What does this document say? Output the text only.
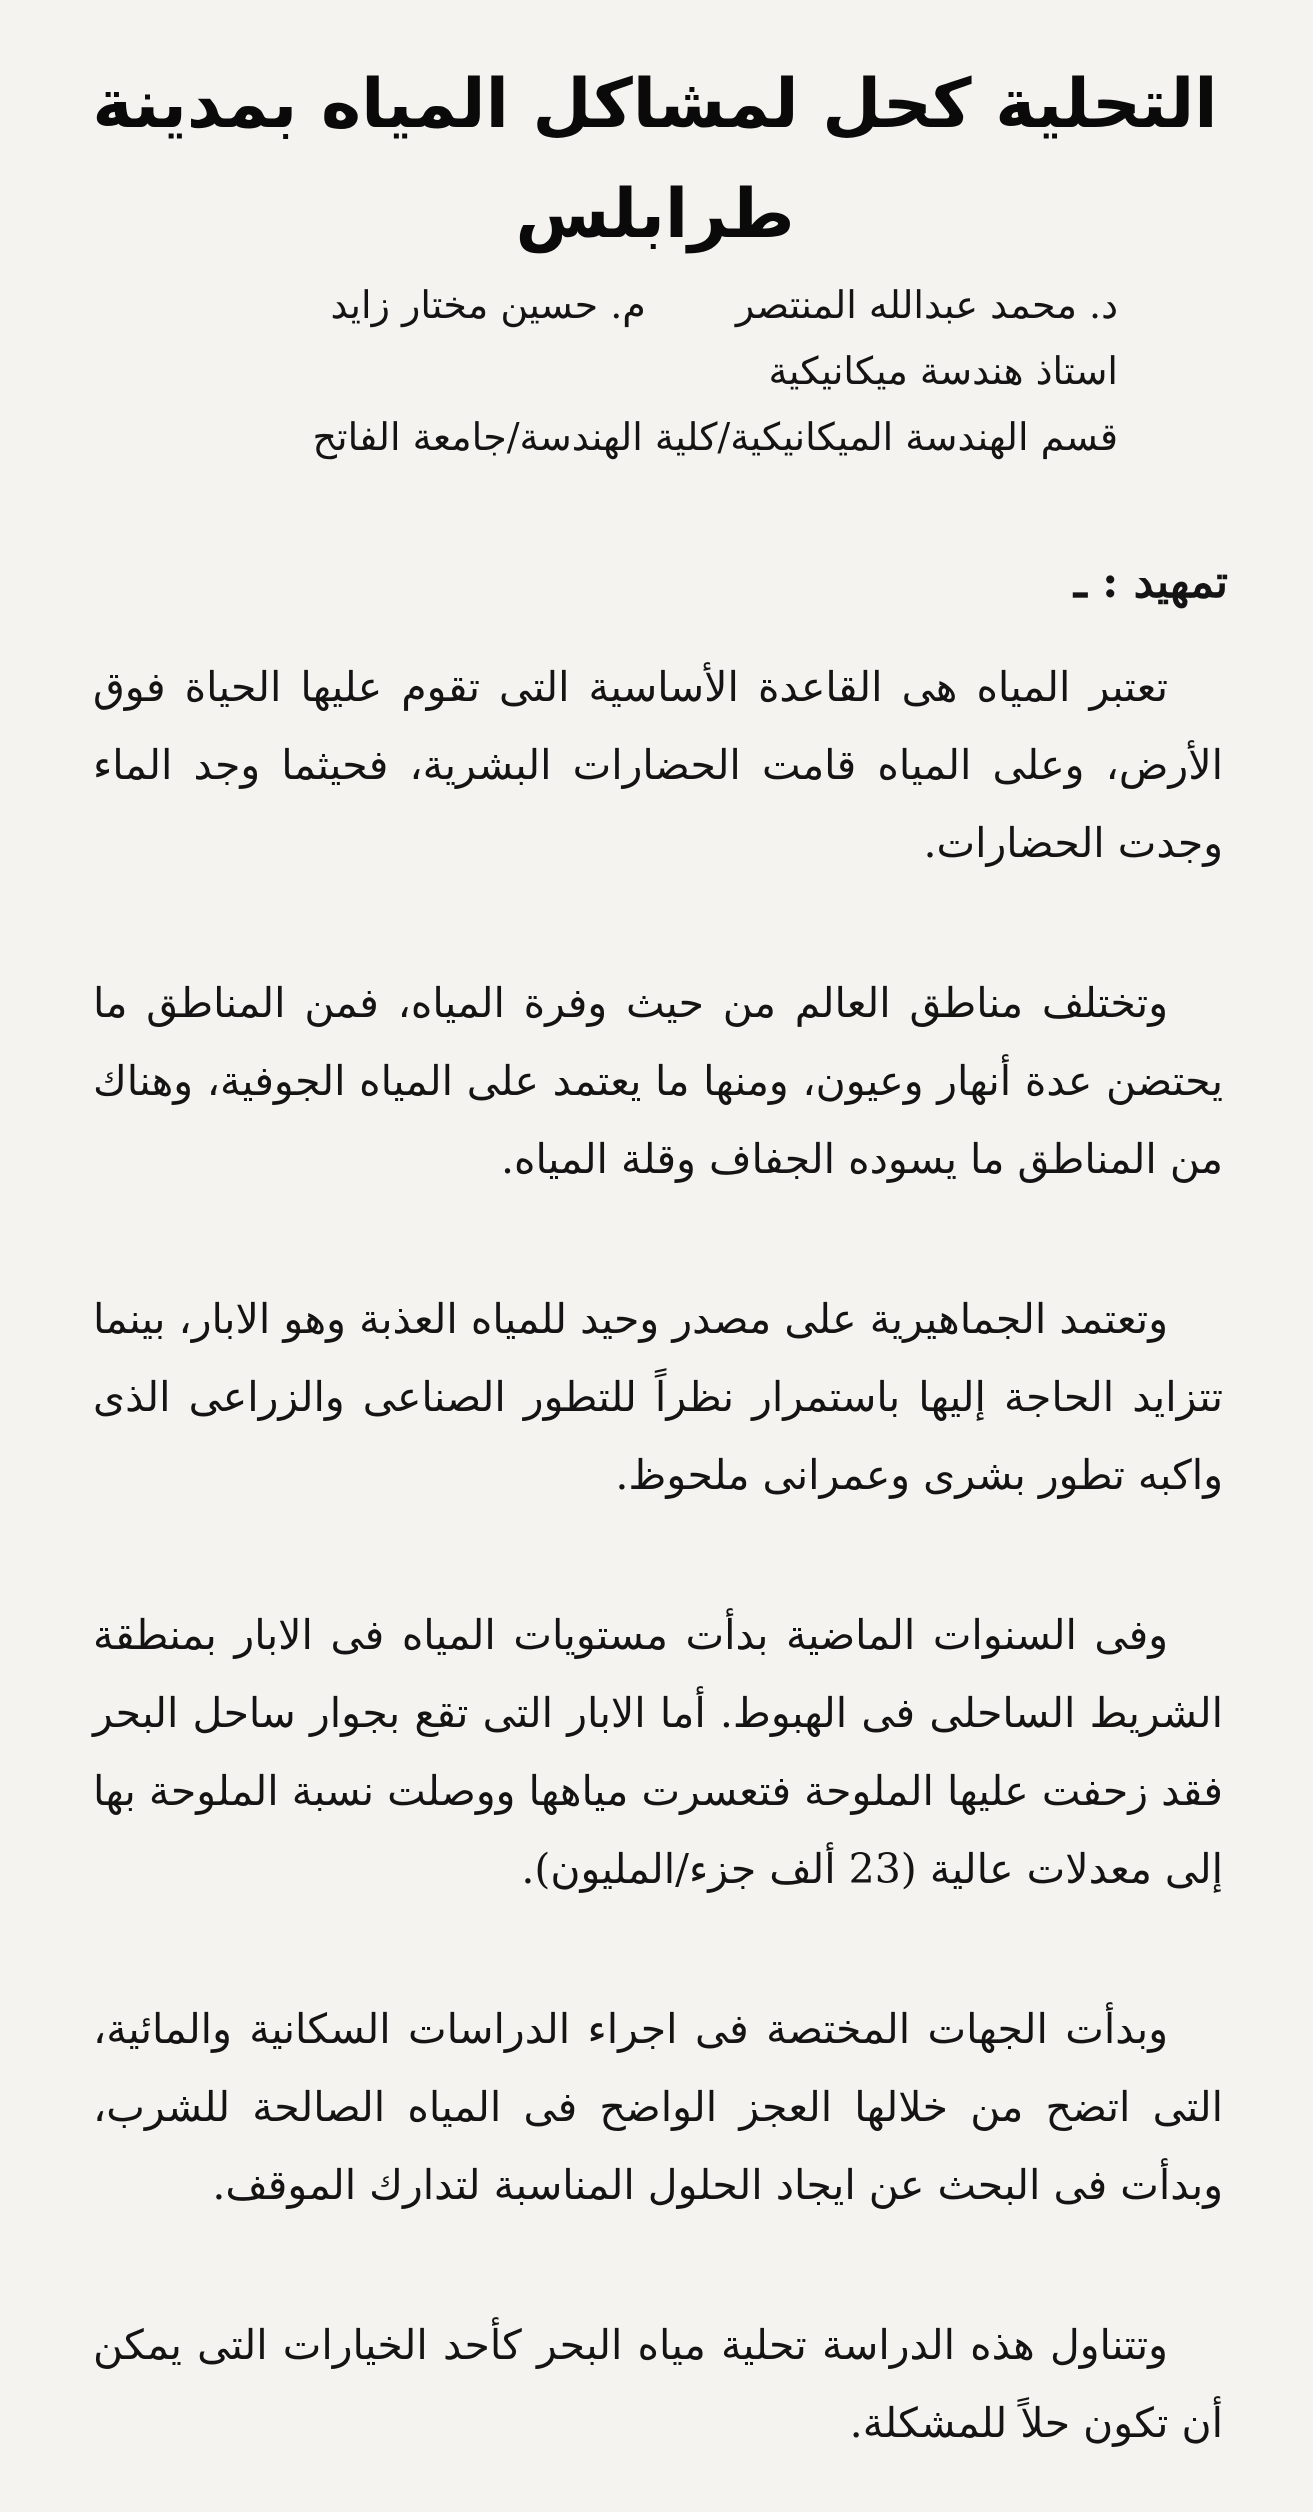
التحلية كحل لمشاكل المياه بمدينة طرابلس
د. محمد عبدالله المنتصر
م. حسين مختار زايد
استاذ هندسة ميكانيكية
قسم الهندسة الميكانيكية/كلية الهندسة/جامعة الفاتح
تمهيد : ـ

تعتبر المياه هى القاعدة الأساسية التى تقوم عليها الحياة فوق الأرض، وعلى المياه قامت الحضارات البشرية، فحيثما وجد الماء وجدت الحضارات.

وتختلف مناطق العالم من حيث وفرة المياه، فمن المناطق ما يحتضن عدة أنهار وعيون، ومنها ما يعتمد على المياه الجوفية، وهناك من المناطق ما يسوده الجفاف وقلة المياه.

وتعتمد الجماهيرية على مصدر وحيد للمياه العذبة وهو الابار، بينما تتزايد الحاجة إليها باستمرار نظراً للتطور الصناعى والزراعى الذى واكبه تطور بشرى وعمرانى ملحوظ.

وفى السنوات الماضية بدأت مستويات المياه فى الابار بمنطقة الشريط الساحلى فى الهبوط. أما الابار التى تقع بجوار ساحل البحر فقد زحفت عليها الملوحة فتعسرت مياهها ووصلت نسبة الملوحة بها إلى معدلات عالية (23 ألف جزء/المليون).

وبدأت الجهات المختصة فى اجراء الدراسات السكانية والمائية، التى اتضح من خلالها العجز الواضح فى المياه الصالحة للشرب، وبدأت فى البحث عن ايجاد الحلول المناسبة لتدارك الموقف.

وتتناول هذه الدراسة تحلية مياه البحر كأحد الخيارات التى يمكن أن تكون حلاً للمشكلة.
